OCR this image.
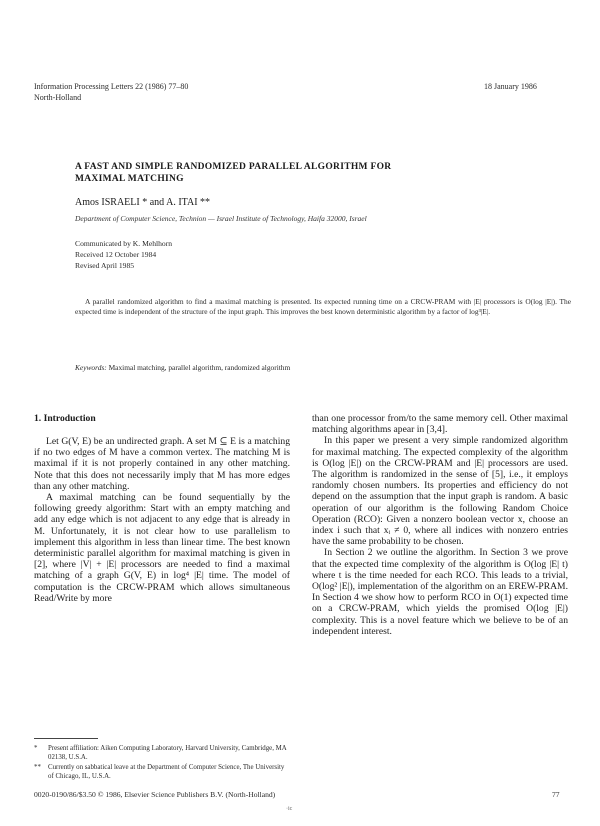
Information Processing Letters 22 (1986) 77–80
North-Holland
18 January 1986
A FAST AND SIMPLE RANDOMIZED PARALLEL ALGORITHM FOR
MAXIMAL MATCHING
Amos ISRAELI * and A. ITAI **
Department of Computer Science, Technion — Israel Institute of Technology, Haifa 32000, Israel
Communicated by K. Mehlhorn
Received 12 October 1984
Revised April 1985
A parallel randomized algorithm to find a maximal matching is presented. Its expected running time on a CRCW-PRAM with |E| processors is O(log |E|). The expected time is independent of the structure of the input graph. This improves the best known deterministic algorithm by a factor of log³|E|.
Keywords: Maximal matching, parallel algorithm, randomized algorithm
1. Introduction

Let G(V, E) be an undirected graph. A set M ⊆ E is a matching if no two edges of M have a common vertex. The matching M is maximal if it is not properly contained in any other matching. Note that this does not necessarily imply that M has more edges than any other matching.

A maximal matching can be found sequentially by the following greedy algorithm: Start with an empty matching and add any edge which is not adjacent to any edge that is already in M. Unfortunately, it is not clear how to use parallelism to implement this algorithm in less than linear time. The best known deterministic parallel algorithm for maximal matching is given in [2], where |V| + |E| processors are needed to find a maximal matching of a graph G(V, E) in log⁴ |E| time. The model of computation is the CRCW-PRAM which allows simultaneous Read/Write by more

*	Present affiliation: Aiken Computing Laboratory, Harvard University, Cambridge, MA 02138, U.S.A.
**	Currently on sabbatical leave at the Department of Computer Science, The University of Chicago, IL, U.S.A.

than one processor from/to the same memory cell. Other maximal matching algorithms apear in [3,4].

In this paper we present a very simple randomized algorithm for maximal matching. The expected complexity of the algorithm is O(log |E|) on the CRCW-PRAM and |E| processors are used. The algorithm is randomized in the sense of [5], i.e., it employs randomly chosen numbers. Its properties and efficiency do not depend on the assumption that the input graph is random. A basic operation of our algorithm is the following Random Choice Operation (RCO): Given a nonzero boolean vector x, choose an index i such that xᵢ ≠ 0, where all indices with nonzero entries have the same probability to be chosen.

In Section 2 we outline the algorithm. In Section 3 we prove that the expected time complexity of the algorithm is O(log |E| t) where t is the time needed for each RCO. This leads to a trivial, O(log² |E|), implementation of the algorithm on an EREW-PRAM. In Section 4 we show how to perform RCO in O(1) expected time on a CRCW-PRAM, which yields the promised O(log |E|) complexity. This is a novel feature which we believe to be of an independent interest.

0020-0190/86/$3.50 © 1986, Elsevier Science Publishers B.V. (North-Holland)	77
·ic
